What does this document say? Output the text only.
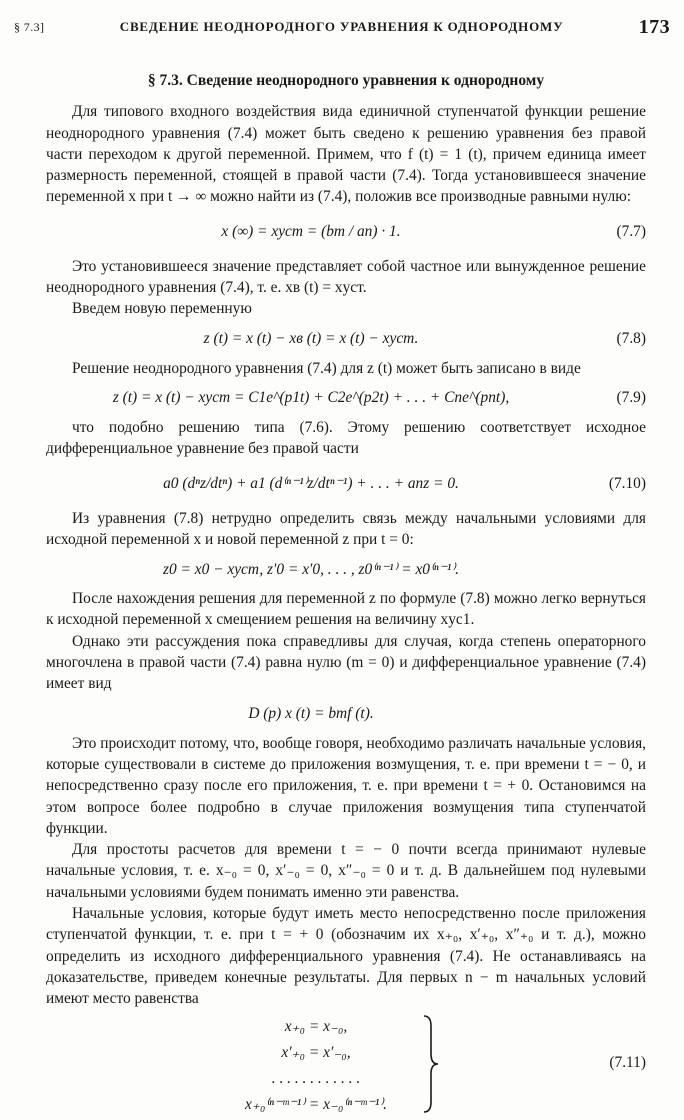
§ 7.3]	СВЕДЕНИЕ НЕОДНОРОДНОГО УРАВНЕНИЯ К ОДНОРОДНОМУ	173
§ 7.3. Сведение неоднородного уравнения к однородному

Для типового входного воздействия вида единичной ступенчатой функции решение неоднородного уравнения (7.4) может быть сведено к решению уравнения без правой части переходом к другой переменной. Примем, что f (t) = 1 (t), причем единица имеет размерность переменной, стоящей в правой части (7.4). Тогда установившееся значение переменной x при t → ∞ можно найти из (7.4), положив все производные равными нулю:

x (∞) = xуст = (bm / an) · 1.	(7.7)

Это установившееся значение представляет собой частное или вынужденное решение неоднородного уравнения (7.4), т. е. xв (t) = xуст.

Введем новую переменную

z (t) = x (t) − xв (t) = x (t) − xуст.	(7.8)

Решение неоднородного уравнения (7.4) для z (t) может быть записано в виде

z (t) = x (t) − xуст = C1e^(p1t) + C2e^(p2t) + . . . + Cne^(pnt),	(7.9)

что подобно решению типа (7.6). Этому решению соответствует исходное дифференциальное уравнение без правой части

a0 (dⁿz/dtⁿ) + a1 (d⁽ⁿ⁻¹⁾z/dtⁿ⁻¹) + . . . + anz = 0.	(7.10)

Из уравнения (7.8) нетрудно определить связь между начальными условиями для исходной переменной x и новой переменной z при t = 0:

z0 = x0 − xуст, z′0 = x′0, . . . , z0⁽ⁿ⁻¹⁾ = x0⁽ⁿ⁻¹⁾.

После нахождения решения для переменной z по формуле (7.8) можно легко вернуться к исходной переменной x смещением решения на величину xус1.

Однако эти рассуждения пока справедливы для случая, когда степень операторного многочлена в правой части (7.4) равна нулю (m = 0) и дифференциальное уравнение (7.4) имеет вид

D (p) x (t) = bmf (t).

Это происходит потому, что, вообще говоря, необходимо различать начальные условия, которые существовали в системе до приложения возмущения, т. е. при времени t = − 0, и непосредственно сразу после его приложения, т. е. при времени t = + 0. Остановимся на этом вопросе более подробно в случае приложения возмущения типа ступенчатой функции.

Для простоты расчетов для времени t = − 0 почти всегда принимают нулевые начальные условия, т. е. x₋₀ = 0, x′₋₀ = 0, x″₋₀ = 0 и т. д. В дальнейшем под нулевыми начальными условиями будем понимать именно эти равенства.

Начальные условия, которые будут иметь место непосредственно после приложения ступенчатой функции, т. е. при t = + 0 (обозначим их x₊₀, x′₊₀, x″₊₀ и т. д.), можно определить из исходного дифференциального уравнения (7.4). Не останавливаясь на доказательстве, приведем конечные результаты. Для первых n − m начальных условий имеют место равенства

x₊₀ = x₋₀,
x′₊₀ = x′₋₀,
. . . . . . . . . . . .
x₊₀⁽ⁿ⁻ᵐ⁻¹⁾ = x₋₀⁽ⁿ⁻ᵐ⁻¹⁾.
(7.11)
